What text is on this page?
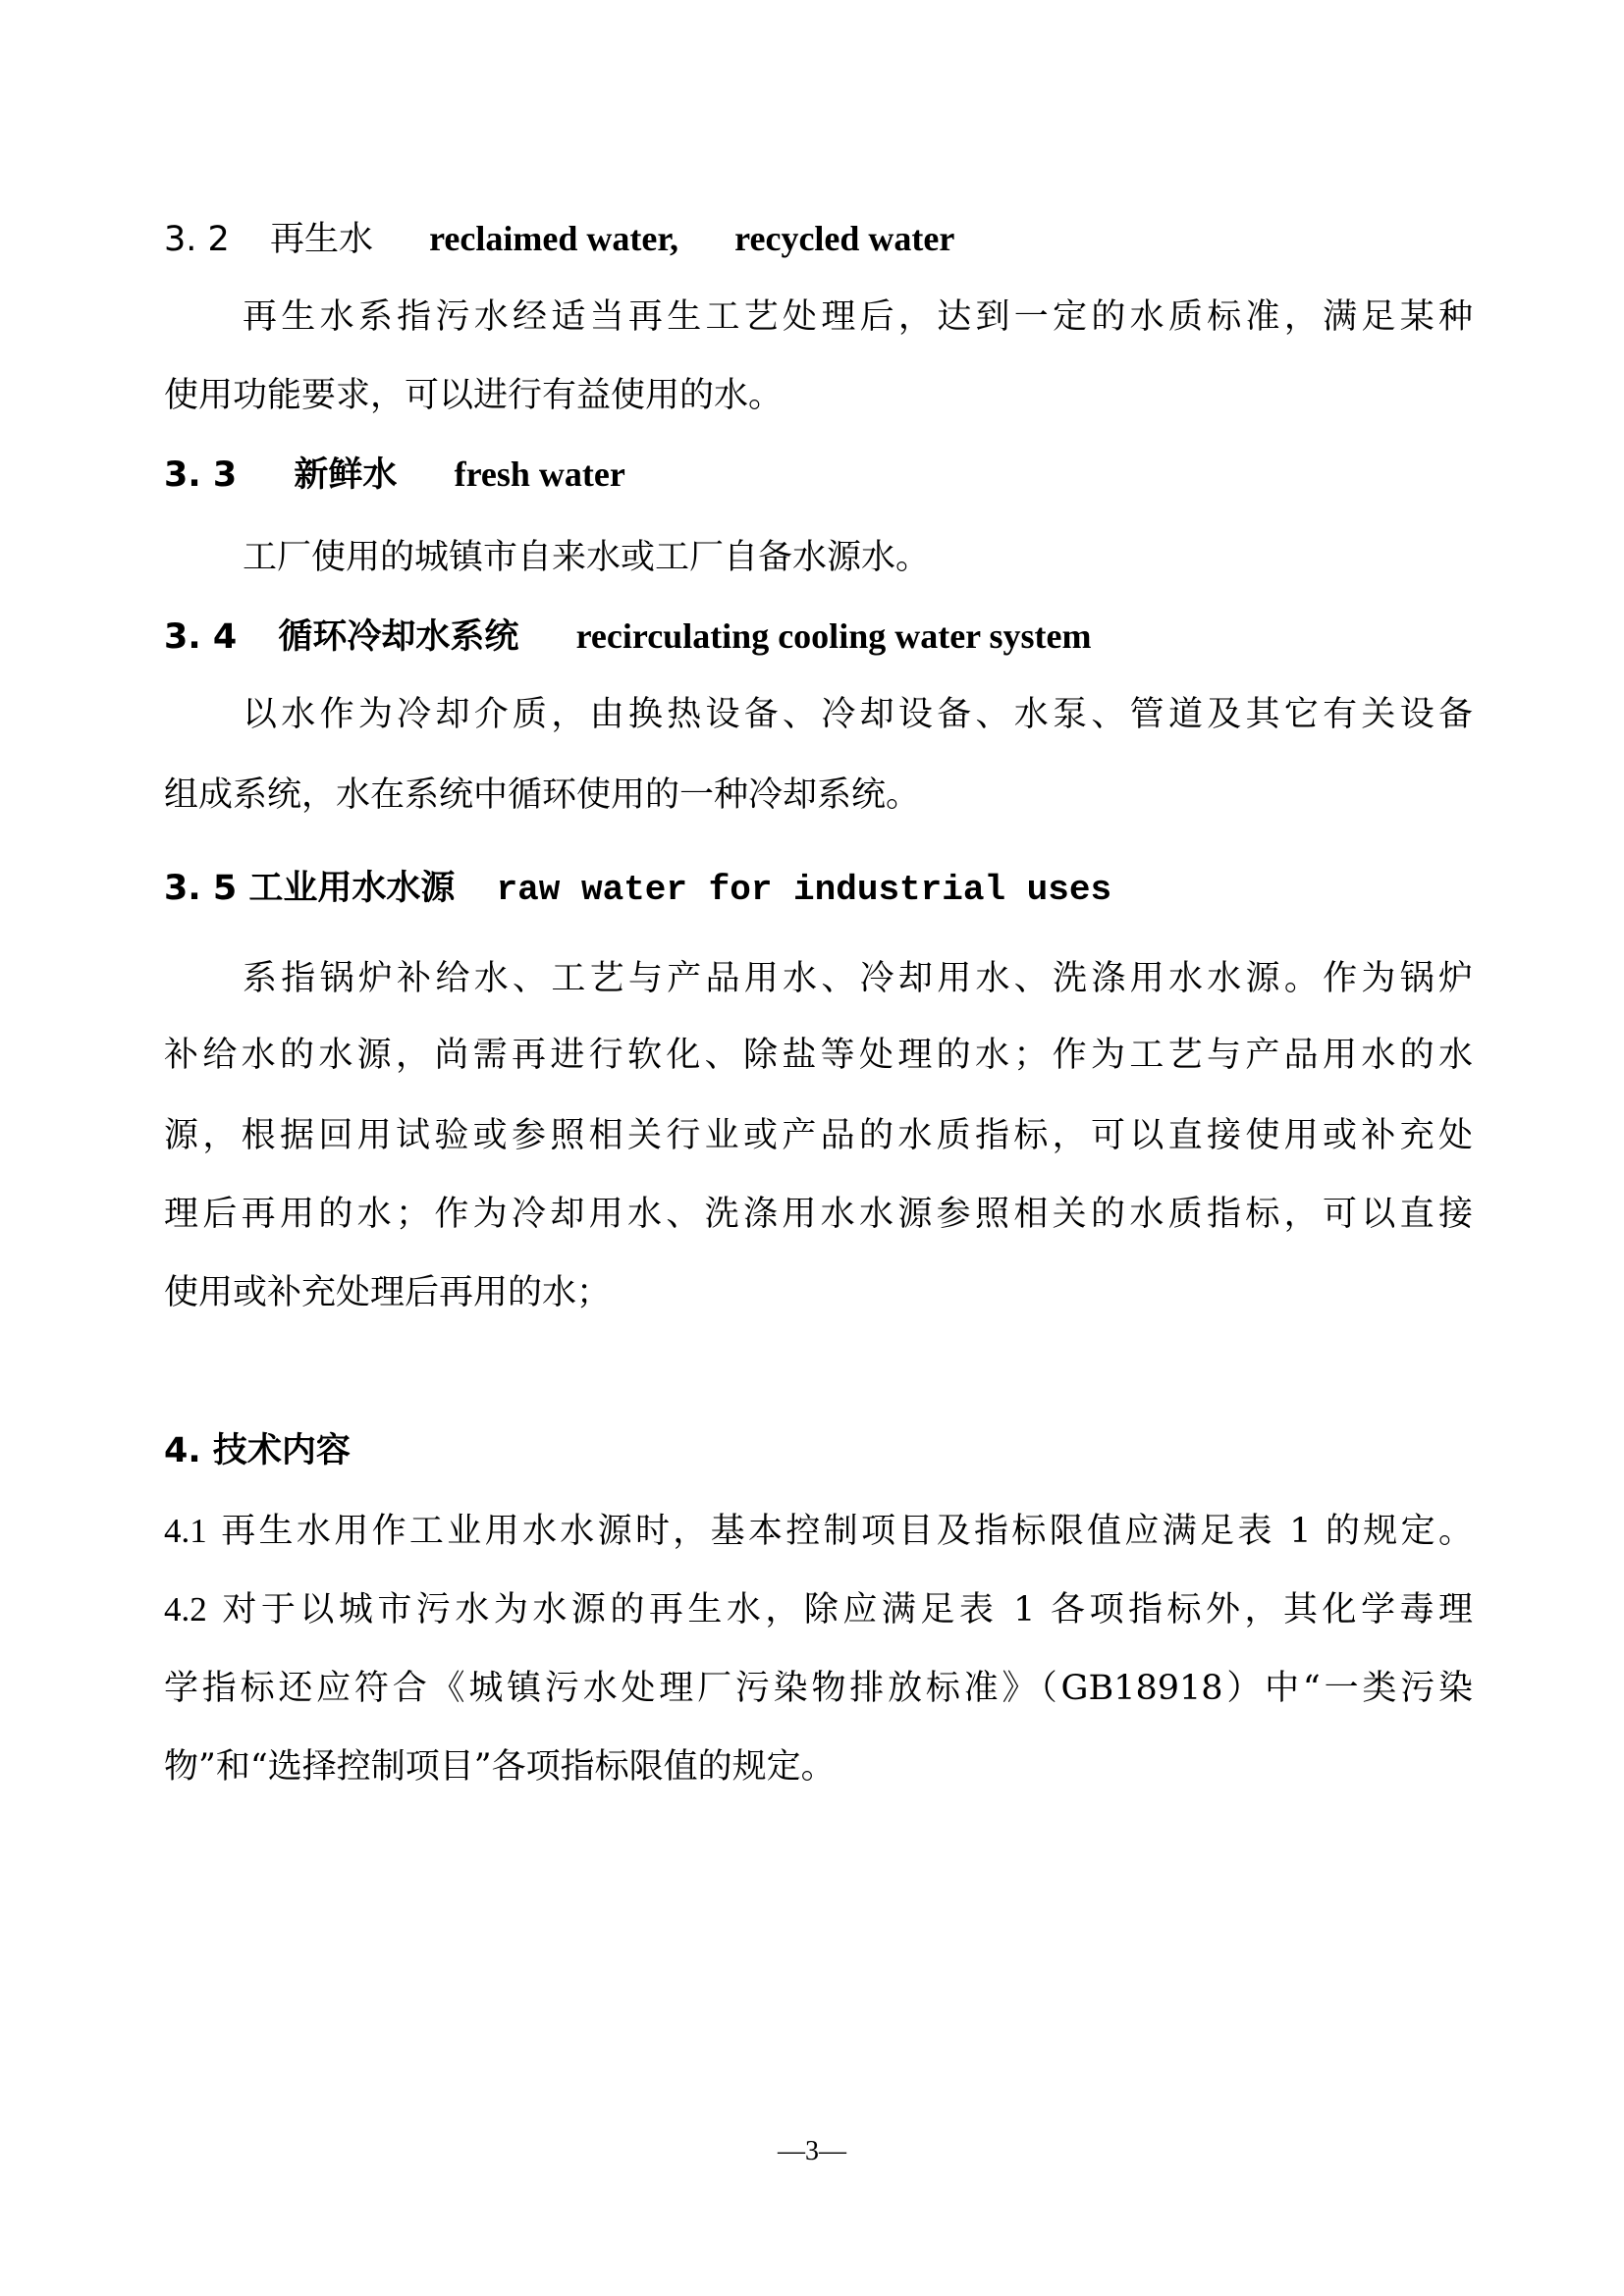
3. 2 再生水 reclaimed water, recycled water
再生水系指污水经适当再生工艺处理后，达到一定的水质标准，满足某种
使用功能要求，可以进行有益使用的水。
3. 3 新鲜水 fresh water
工厂使用的城镇市自来水或工厂自备水源水。
3. 4 循环冷却水系统 recirculating cooling water system
以水作为冷却介质，由换热设备、冷却设备、水泵、管道及其它有关设备
组成系统，水在系统中循环使用的一种冷却系统。
3. 5 工业用水水源 raw water for industrial uses
系指锅炉补给水、工艺与产品用水、冷却用水、洗涤用水水源。作为锅炉
补给水的水源，尚需再进行软化、除盐等处理的水；作为工艺与产品用水的水
源，根据回用试验或参照相关行业或产品的水质指标，可以直接使用或补充处
理后再用的水；作为冷却用水、洗涤用水水源参照相关的水质指标，可以直接
使用或补充处理后再用的水；
4. 技术内容
4.1 再生水用作工业用水水源时，基本控制项目及指标限值应满足表 1 的规定。
4.2 对于以城市污水为水源的再生水，除应满足表 1 各项指标外，其化学毒理
学指标还应符合《城镇污水处理厂污染物排放标准》（GB18918）中“一类污染
物”和“选择控制项目”各项指标限值的规定。
—3—
